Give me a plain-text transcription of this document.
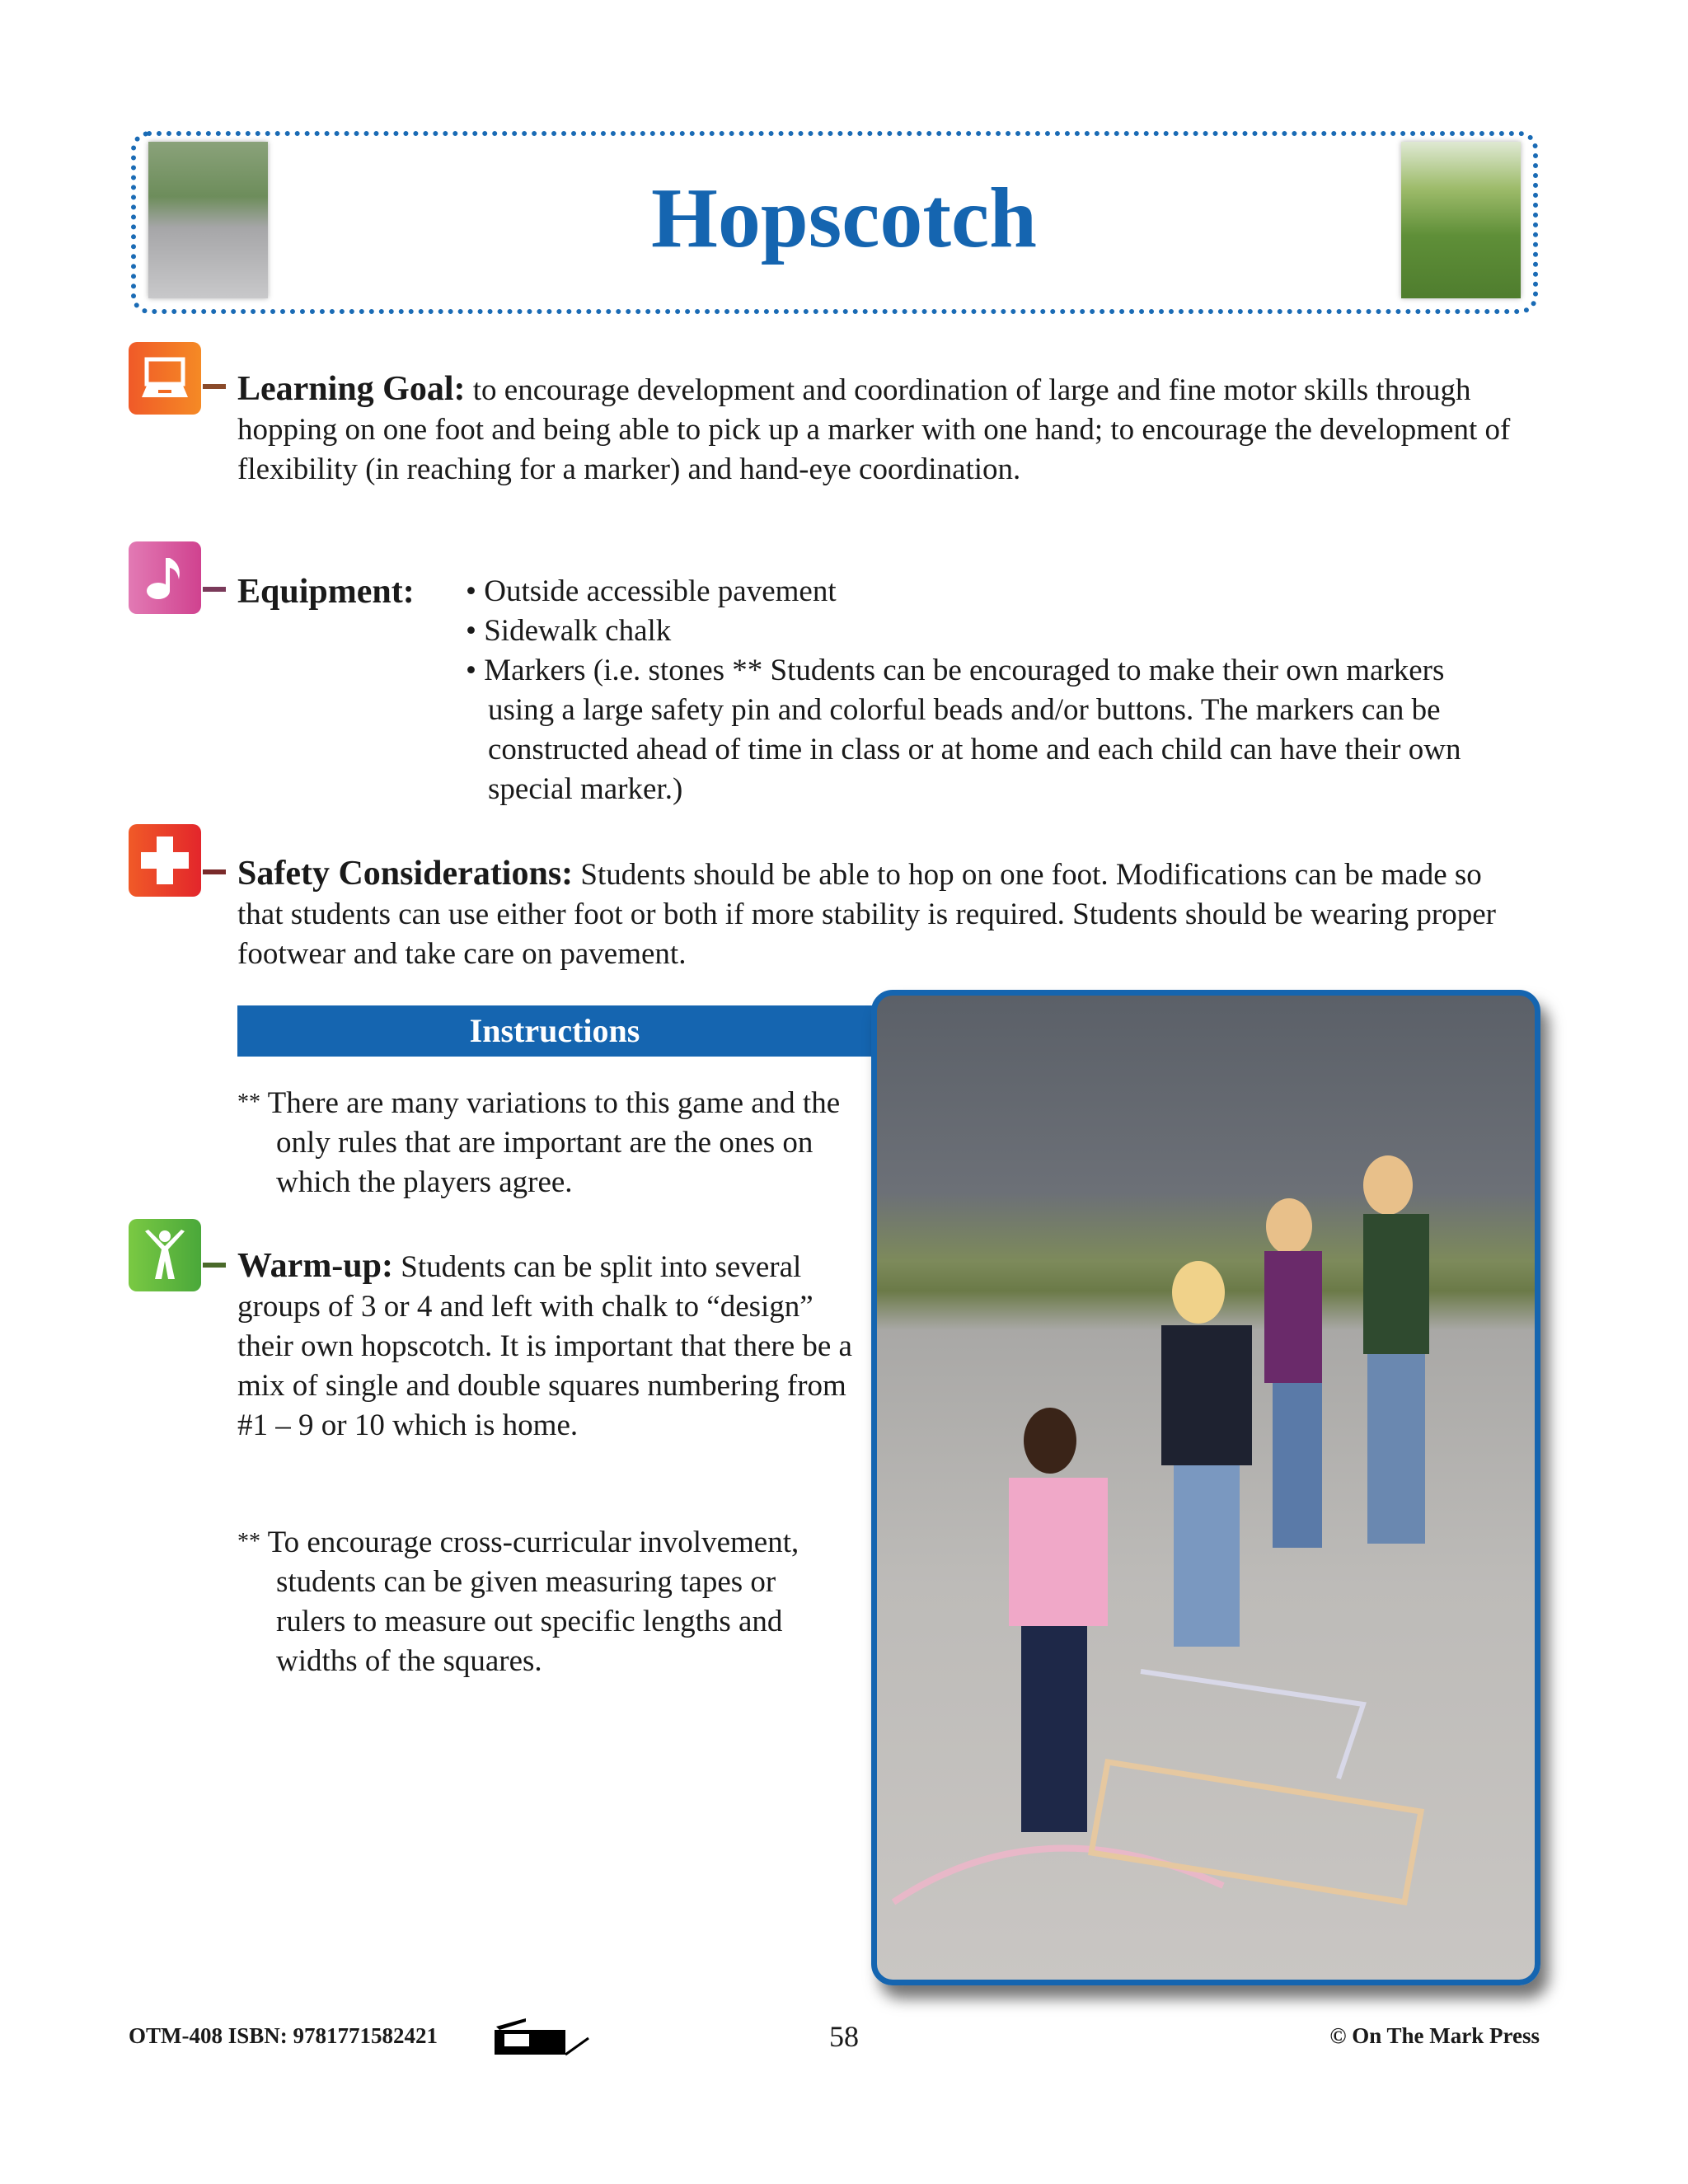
Hopscotch
Learning Goal: to encourage development and coordination of large and fine motor skills through hopping on one foot and being able to pick up a marker with one hand; to encourage the development of flexibility (in reaching for a marker) and hand-eye coordination.
Equipment: • Outside accessible pavement
• Sidewalk chalk
• Markers (i.e. stones ** Students can be encouraged to make their own markers using a large safety pin and colorful beads and/or buttons. The markers can be constructed ahead of time in class or at home and each child can have their own special marker.)
Safety Considerations: Students should be able to hop on one foot. Modifications can be made so that students can use either foot or both if more stability is required. Students should be wearing proper footwear and take care on pavement.
Instructions
** There are many variations to this game and the only rules that are important are the ones on which the players agree.
Warm-up: Students can be split into several groups of 3 or 4 and left with chalk to “design” their own hopscotch. It is important that there be a mix of single and double squares numbering from #1 – 9 or 10 which is home.
** To encourage cross-curricular involvement, students can be given measuring tapes or rulers to measure out specific lengths and widths of the squares.
OTM-408 ISBN: 9781771582421	58	© On The Mark Press
